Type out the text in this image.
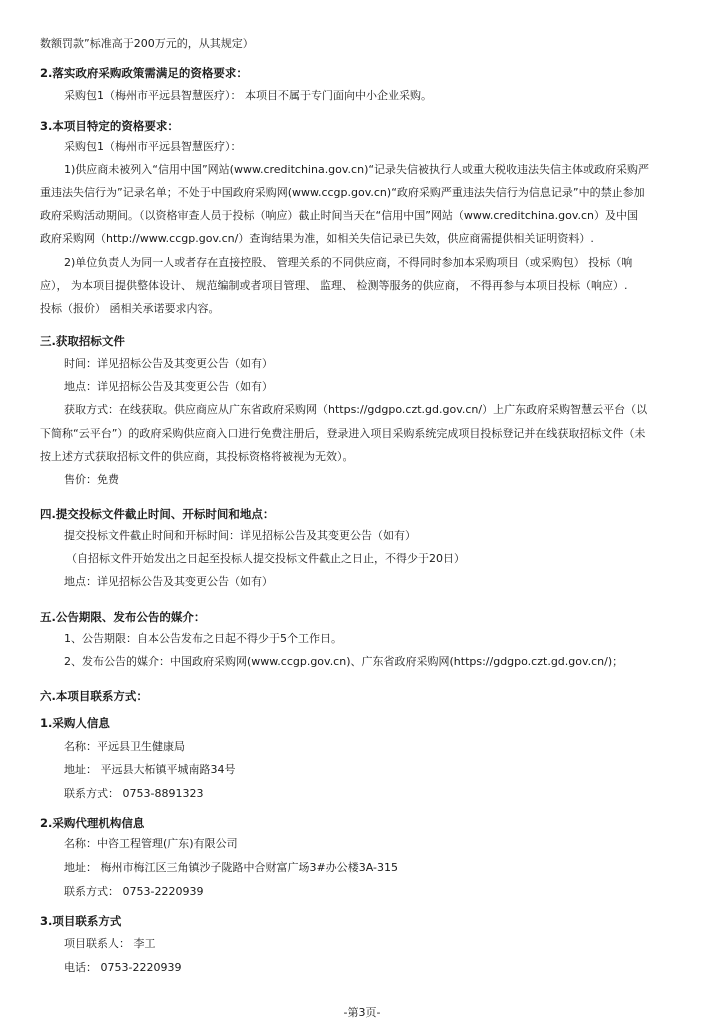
数额罚款”标准高于200万元的，从其规定）
2.落实政府采购政策需满足的资格要求：
采购包1（梅州市平远县智慧医疗）： 本项目不属于专门面向中小企业采购。
3.本项目特定的资格要求：
采购包1（梅州市平远县智慧医疗）：
1)供应商未被列入“信用中国”网站(www.creditchina.gov.cn)“记录失信被执行人或重大税收违法失信主体或政府采购严
重违法失信行为”记录名单；不处于中国政府采购网(www.ccgp.gov.cn)“政府采购严重违法失信行为信息记录”中的禁止参加
政府采购活动期间。（以资格审查人员于投标（响应）截止时间当天在“信用中国”网站（www.creditchina.gov.cn）及中国
政府采购网（http://www.ccgp.gov.cn/）查询结果为准，如相关失信记录已失效，供应商需提供相关证明资料）.
2)单位负责人为同一人或者存在直接控股、 管理关系的不同供应商，不得同时参加本采购项目（或采购包） 投标（响
应）， 为本项目提供整体设计、 规范编制或者项目管理、 监理、 检测等服务的供应商， 不得再参与本项目投标（响应）.
投标（报价） 函相关承诺要求内容。
三.获取招标文件
时间：详见招标公告及其变更公告（如有）
地点：详见招标公告及其变更公告（如有）
获取方式：在线获取。供应商应从广东省政府采购网（https://gdgpo.czt.gd.gov.cn/）上广东政府采购智慧云平台（以
下简称“云平台”）的政府采购供应商入口进行免费注册后，登录进入项目采购系统完成项目投标登记并在线获取招标文件（未
按上述方式获取招标文件的供应商，其投标资格将被视为无效）。
售价：免费
四.提交投标文件截止时间、开标时间和地点：
提交投标文件截止时间和开标时间：详见招标公告及其变更公告（如有）
（自招标文件开始发出之日起至投标人提交投标文件截止之日止，不得少于20日）
地点：详见招标公告及其变更公告（如有）
五.公告期限、发布公告的媒介：
1、公告期限：自本公告发布之日起不得少于5个工作日。
2、发布公告的媒介：中国政府采购网(www.ccgp.gov.cn)、广东省政府采购网(https://gdgpo.czt.gd.gov.cn/)；
六.本项目联系方式：
1.采购人信息
名称：平远县卫生健康局
地址： 平远县大柘镇平城南路34号
联系方式： 0753-8891323
2.采购代理机构信息
名称：中咨工程管理(广东)有限公司
地址： 梅州市梅江区三角镇沙子陇路中合财富广场3#办公楼3A-315
联系方式： 0753-2220939
3.项目联系方式
项目联系人： 李工
电话： 0753-2220939
-第3页-
